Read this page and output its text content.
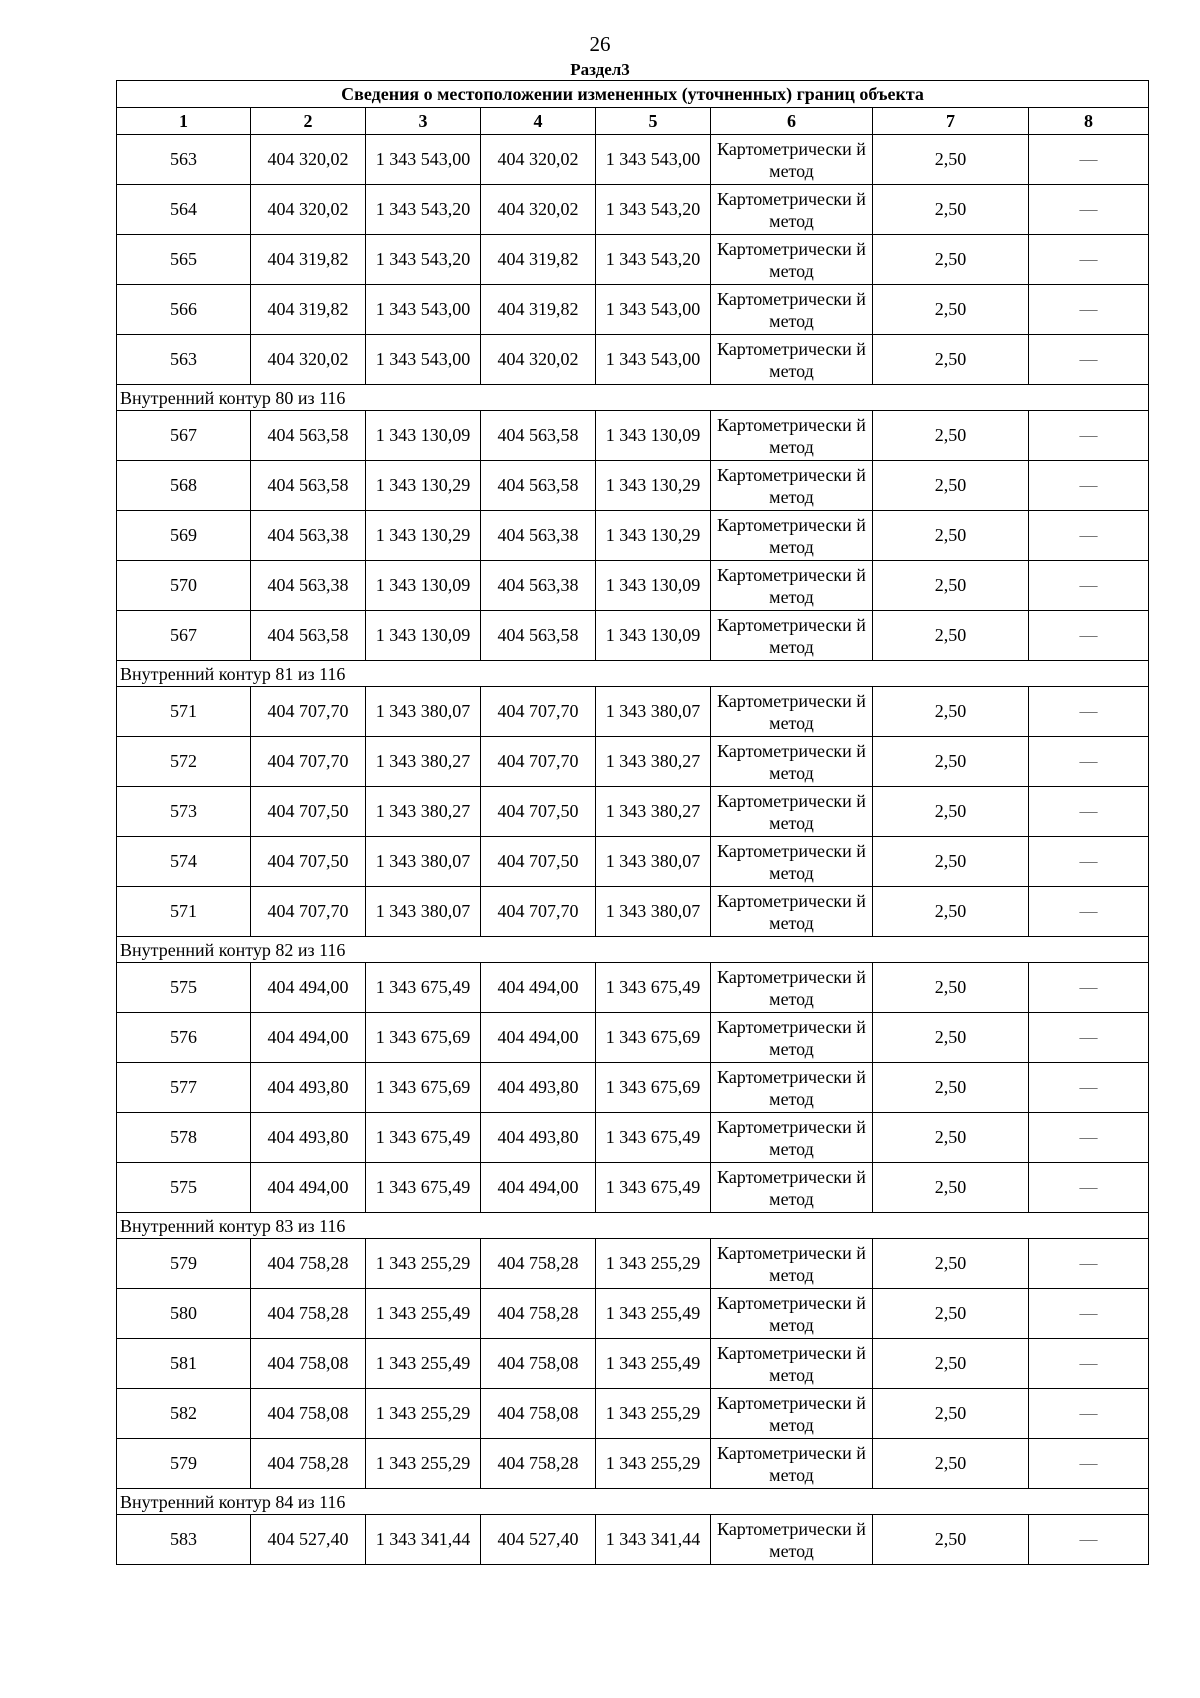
26
Раздел3
Сведения о местоположении измененных (уточненных) границ объекта							
1	2	3	4	5	6	7	8
563	404 320,02	1 343 543,00	404 320,02	1 343 543,00	Картометрически й метод	2,50	—
564	404 320,02	1 343 543,20	404 320,02	1 343 543,20	Картометрически й метод	2,50	—
565	404 319,82	1 343 543,20	404 319,82	1 343 543,20	Картометрически й метод	2,50	—
566	404 319,82	1 343 543,00	404 319,82	1 343 543,00	Картометрически й метод	2,50	—
563	404 320,02	1 343 543,00	404 320,02	1 343 543,00	Картометрически й метод	2,50	—
Внутренний контур 80 из 116							
567	404 563,58	1 343 130,09	404 563,58	1 343 130,09	Картометрически й метод	2,50	—
568	404 563,58	1 343 130,29	404 563,58	1 343 130,29	Картометрически й метод	2,50	—
569	404 563,38	1 343 130,29	404 563,38	1 343 130,29	Картометрически й метод	2,50	—
570	404 563,38	1 343 130,09	404 563,38	1 343 130,09	Картометрически й метод	2,50	—
567	404 563,58	1 343 130,09	404 563,58	1 343 130,09	Картометрически й метод	2,50	—
Внутренний контур 81 из 116							
571	404 707,70	1 343 380,07	404 707,70	1 343 380,07	Картометрически й метод	2,50	—
572	404 707,70	1 343 380,27	404 707,70	1 343 380,27	Картометрически й метод	2,50	—
573	404 707,50	1 343 380,27	404 707,50	1 343 380,27	Картометрически й метод	2,50	—
574	404 707,50	1 343 380,07	404 707,50	1 343 380,07	Картометрически й метод	2,50	—
571	404 707,70	1 343 380,07	404 707,70	1 343 380,07	Картометрически й метод	2,50	—
Внутренний контур 82 из 116							
575	404 494,00	1 343 675,49	404 494,00	1 343 675,49	Картометрически й метод	2,50	—
576	404 494,00	1 343 675,69	404 494,00	1 343 675,69	Картометрически й метод	2,50	—
577	404 493,80	1 343 675,69	404 493,80	1 343 675,69	Картометрически й метод	2,50	—
578	404 493,80	1 343 675,49	404 493,80	1 343 675,49	Картометрически й метод	2,50	—
575	404 494,00	1 343 675,49	404 494,00	1 343 675,49	Картометрически й метод	2,50	—
Внутренний контур 83 из 116							
579	404 758,28	1 343 255,29	404 758,28	1 343 255,29	Картометрически й метод	2,50	—
580	404 758,28	1 343 255,49	404 758,28	1 343 255,49	Картометрически й метод	2,50	—
581	404 758,08	1 343 255,49	404 758,08	1 343 255,49	Картометрически й метод	2,50	—
582	404 758,08	1 343 255,29	404 758,08	1 343 255,29	Картометрически й метод	2,50	—
579	404 758,28	1 343 255,29	404 758,28	1 343 255,29	Картометрически й метод	2,50	—
Внутренний контур 84 из 116							
583	404 527,40	1 343 341,44	404 527,40	1 343 341,44	Картометрически й метод	2,50	—
